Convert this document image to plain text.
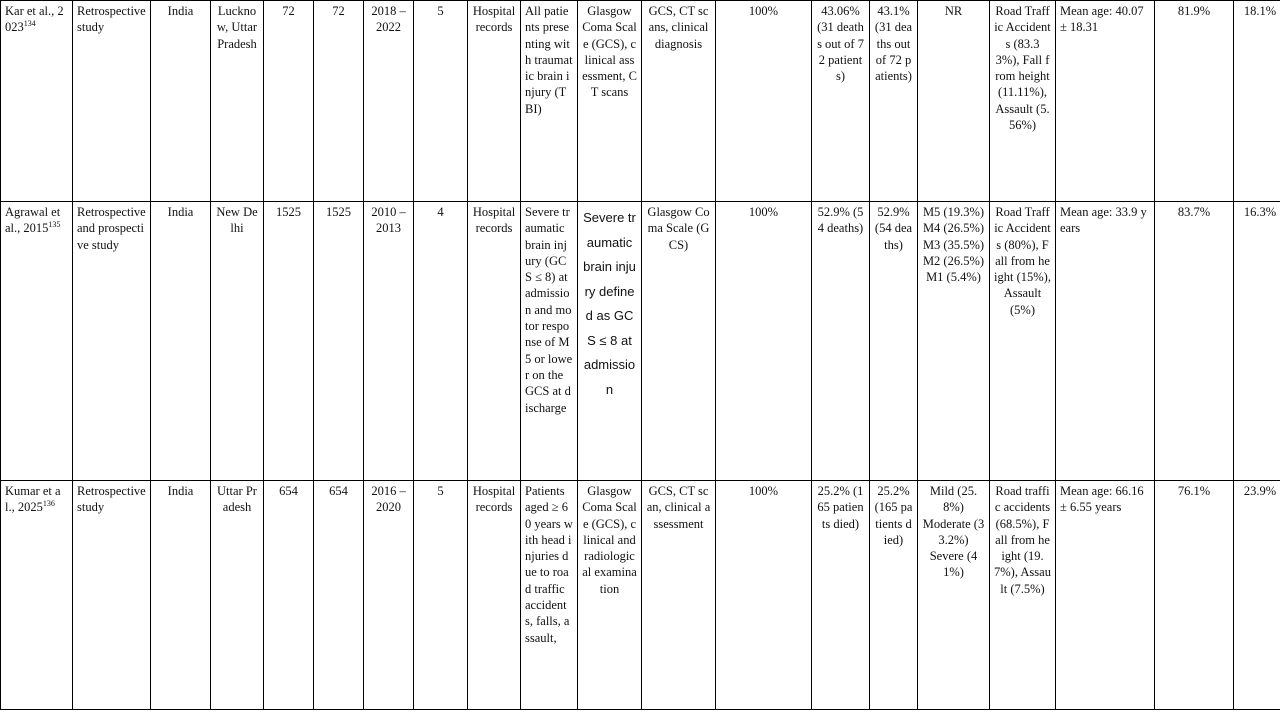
Kar et al., 2023$^{134}$	Retrospective study	India	Lucknow, Uttar Pradesh	72	72	2018 – 2022	5	Hospital records	All patients presenting with traumatic brain injury (TBI)	Glasgow Coma Scale (GCS), clinical assessment, CT scans	GCS, CT scans, clinical diagnosis	100%	43.06% (31 deaths out of 72 patients)	43.1% (31 deaths out of 72 patients)	NR	Road Traffic Accidents (83.33%), Fall from height (11.11%), Assault (5.56%)	Mean age: 40.07 ± 18.31	81.9%	18.1%
Agrawal et al., 2015$^{135}$	Retrospective and prospective study	India	New Delhi	1525	1525	2010 – 2013	4	Hospital records	Severe traumatic brain injury (GCS ≤ 8) at admission and motor response of M5 or lower on the GCS at discharge	Severe traumatic brain injury defined as GCS ≤ 8 at admission	Glasgow Coma Scale (GCS)	100%	52.9% (54 deaths)	52.9% (54 deaths)	M5 (19.3%)
M4 (26.5%)
M3 (35.5%)
M2 (26.5%)
M1 (5.4%)	Road Traffic Accidents (80%), Fall from height (15%), Assault (5%)	Mean age: 33.9 years	83.7%	16.3%
Kumar et al., 2025$^{136}$	Retrospective study	India	Uttar Pradesh	654	654	2016 – 2020	5	Hospital records	Patients aged ≥ 60 years with head injuries due to road traffic accidents, falls, assault,	Glasgow Coma Scale (GCS), clinical and radiological examination	GCS, CT scan, clinical assessment	100%	25.2% (165 patients died)	25.2% (165 patients died)	Mild (25.8%)
Moderate (33.2%)
Severe (41%)	Road traffic accidents (68.5%), Fall from height (19.7%), Assault (7.5%)	Mean age: 66.16 ± 6.55 years	76.1%	23.9%
